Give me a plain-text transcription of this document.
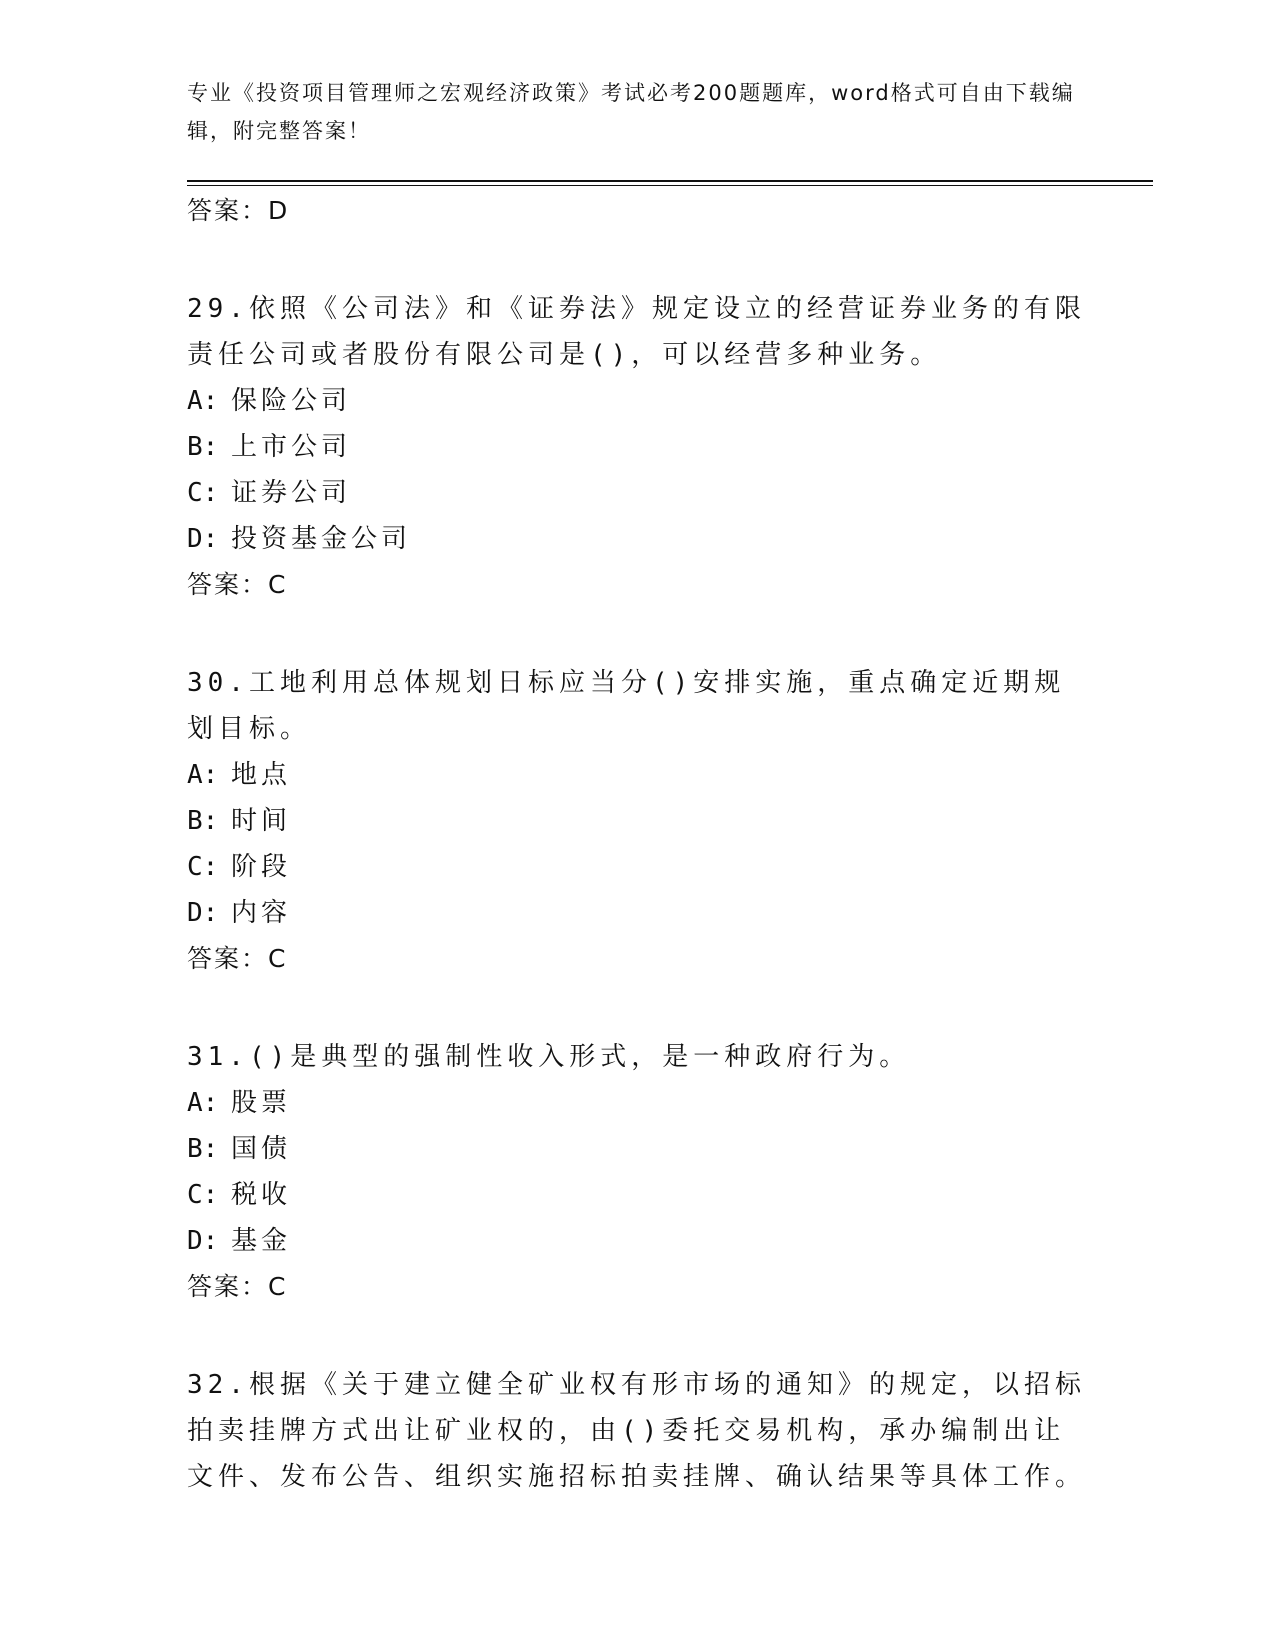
专业《投资项目管理师之宏观经济政策》考试必考200题题库，word格式可自由下载编辑，附完整答案！
答案：D
29.依照《公司法》和《证券法》规定设立的经营证券业务的有限责任公司或者股份有限公司是()，可以经营多种业务。
A: 保险公司
B: 上市公司
C: 证券公司
D: 投资基金公司
答案：C
30.工地利用总体规划日标应当分()安排实施，重点确定近期规划目标。
A: 地点
B: 时间
C: 阶段
D: 内容
答案：C
31.()是典型的强制性收入形式，是一种政府行为。
A: 股票
B: 国债
C: 税收
D: 基金
答案：C
32.根据《关于建立健全矿业权有形市场的通知》的规定，以招标拍卖挂牌方式出让矿业权的，由()委托交易机构，承办编制出让文件、发布公告、组织实施招标拍卖挂牌、确认结果等具体工作。
